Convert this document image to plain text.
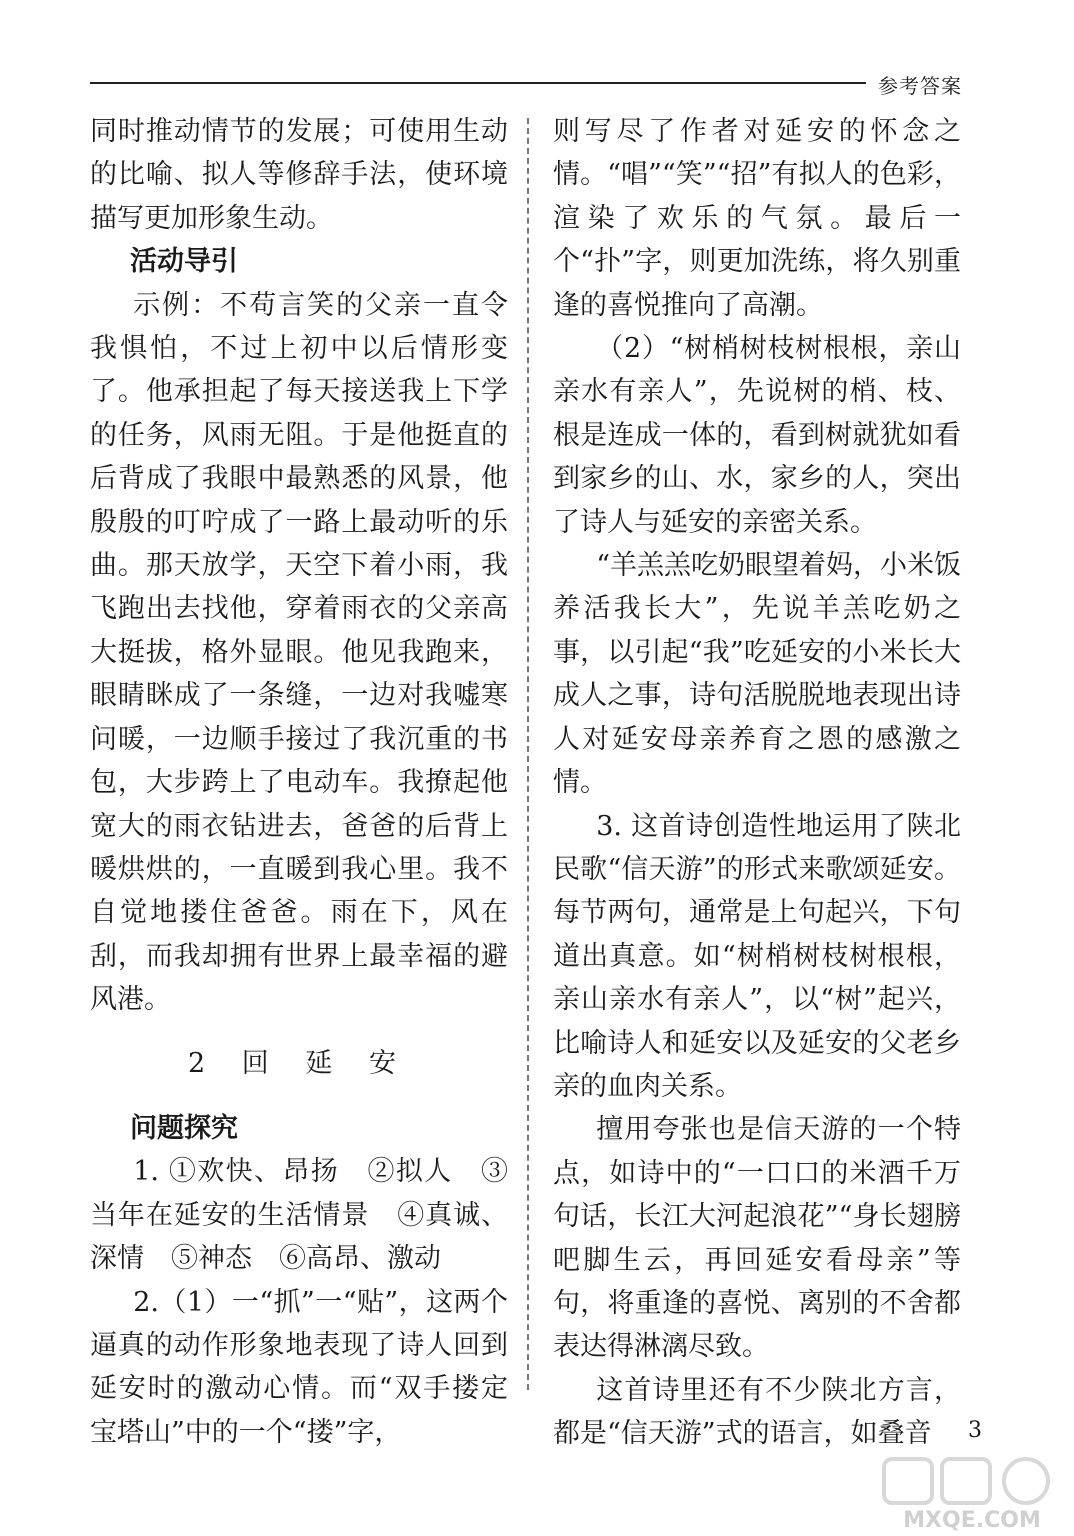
参考答案

同时推动情节的发展；可使用生动的比喻、拟人等修辞手法，使环境描写更加形象生动。

活动导引

示例：不苟言笑的父亲一直令我惧怕，不过上初中以后情形变了。他承担起了每天接送我上下学的任务，风雨无阻。于是他挺直的后背成了我眼中最熟悉的风景，他殷殷的叮咛成了一路上最动听的乐曲。那天放学，天空下着小雨，我飞跑出去找他，穿着雨衣的父亲高大挺拔，格外显眼。他见我跑来，眼睛眯成了一条缝，一边对我嘘寒问暖，一边顺手接过了我沉重的书包，大步跨上了电动车。我撩起他宽大的雨衣钻进去，爸爸的后背上暖烘烘的，一直暖到我心里。我不自觉地搂住爸爸。雨在下，风在刮，而我却拥有世界上最幸福的避风港。

2 回 延 安

问题探究

1. ①欢快、昂扬　②拟人　③当年在延安的生活情景　④真诚、深情　⑤神态　⑥高昂、激动

2.（1）一“抓”一“贴”，这两个逼真的动作形象地表现了诗人回到延安时的激动心情。而“双手搂定宝塔山”中的一个“搂”字，

则写尽了作者对延安的怀念之情。“唱”“笑”“招”有拟人的色彩，渲染了欢乐的气氛。最后一个“扑”字，则更加洗练，将久别重逢的喜悦推向了高潮。

（2）“树梢树枝树根根，亲山亲水有亲人”，先说树的梢、枝、根是连成一体的，看到树就犹如看到家乡的山、水，家乡的人，突出了诗人与延安的亲密关系。

“羊羔羔吃奶眼望着妈，小米饭养活我长大”，先说羊羔吃奶之事，以引起“我”吃延安的小米长大成人之事，诗句活脱脱地表现出诗人对延安母亲养育之恩的感激之情。

3. 这首诗创造性地运用了陕北民歌“信天游”的形式来歌颂延安。每节两句，通常是上句起兴，下句道出真意。如“树梢树枝树根根，亲山亲水有亲人”，以“树”起兴，比喻诗人和延安以及延安的父老乡亲的血肉关系。

擅用夸张也是信天游的一个特点，如诗中的“一口口的米酒千万句话，长江大河起浪花”“身长翅膀吧脚生云，再回延安看母亲”等句，将重逢的喜悦、离别的不舍都表达得淋漓尽致。

这首诗里还有不少陕北方言，都是“信天游”式的语言，如叠音	3
MXQE.COM
